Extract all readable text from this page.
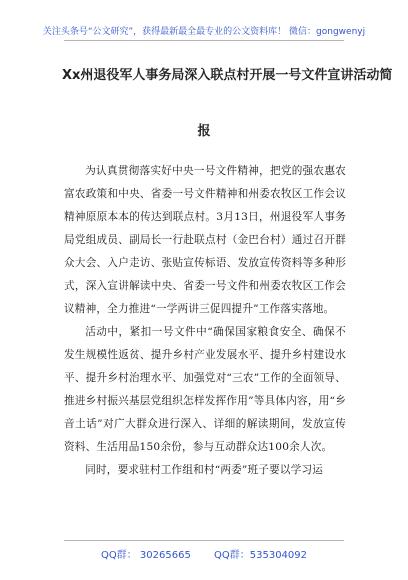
关注头条号“公文研究”，获得最新最全最专业的公文资料库！ 微信：gongwenyj
Xx州退役军人事务局深入联点村开展一号文件宣讲活动简
报

为认真贯彻落实好中央一号文件精神，把党的强农惠农富农政策和中央、省委一号文件精神和州委农牧区工作会议精神原原本本的传达到联点村。3月13日，州退役军人事务局党组成员、副局长一行赴联点村（金巴台村）通过召开群众大会、入户走访、张贴宣传标语、发放宣传资料等多种形式，深入宣讲解读中央、省委一号文件和州委农牧区工作会议精神，全力推进“一学两讲三促四提升”工作落实落地。

活动中，紧扣一号文件中“确保国家粮食安全、确保不发生规模性返贫、提升乡村产业发展水平、提升乡村建设水平、提升乡村治理水平、加强党对“三农”工作的全面领导、推进乡村振兴基层党组织怎样发挥作用”等具体内容，用“乡音土话”对广大群众进行深入、详细的解读期间，发放宣传资料、生活用品150余份，参与互动群众达100余人次。

同时，要求驻村工作组和村“两委”班子要以学习运

QQ群： 30265665 QQ群：535304092
